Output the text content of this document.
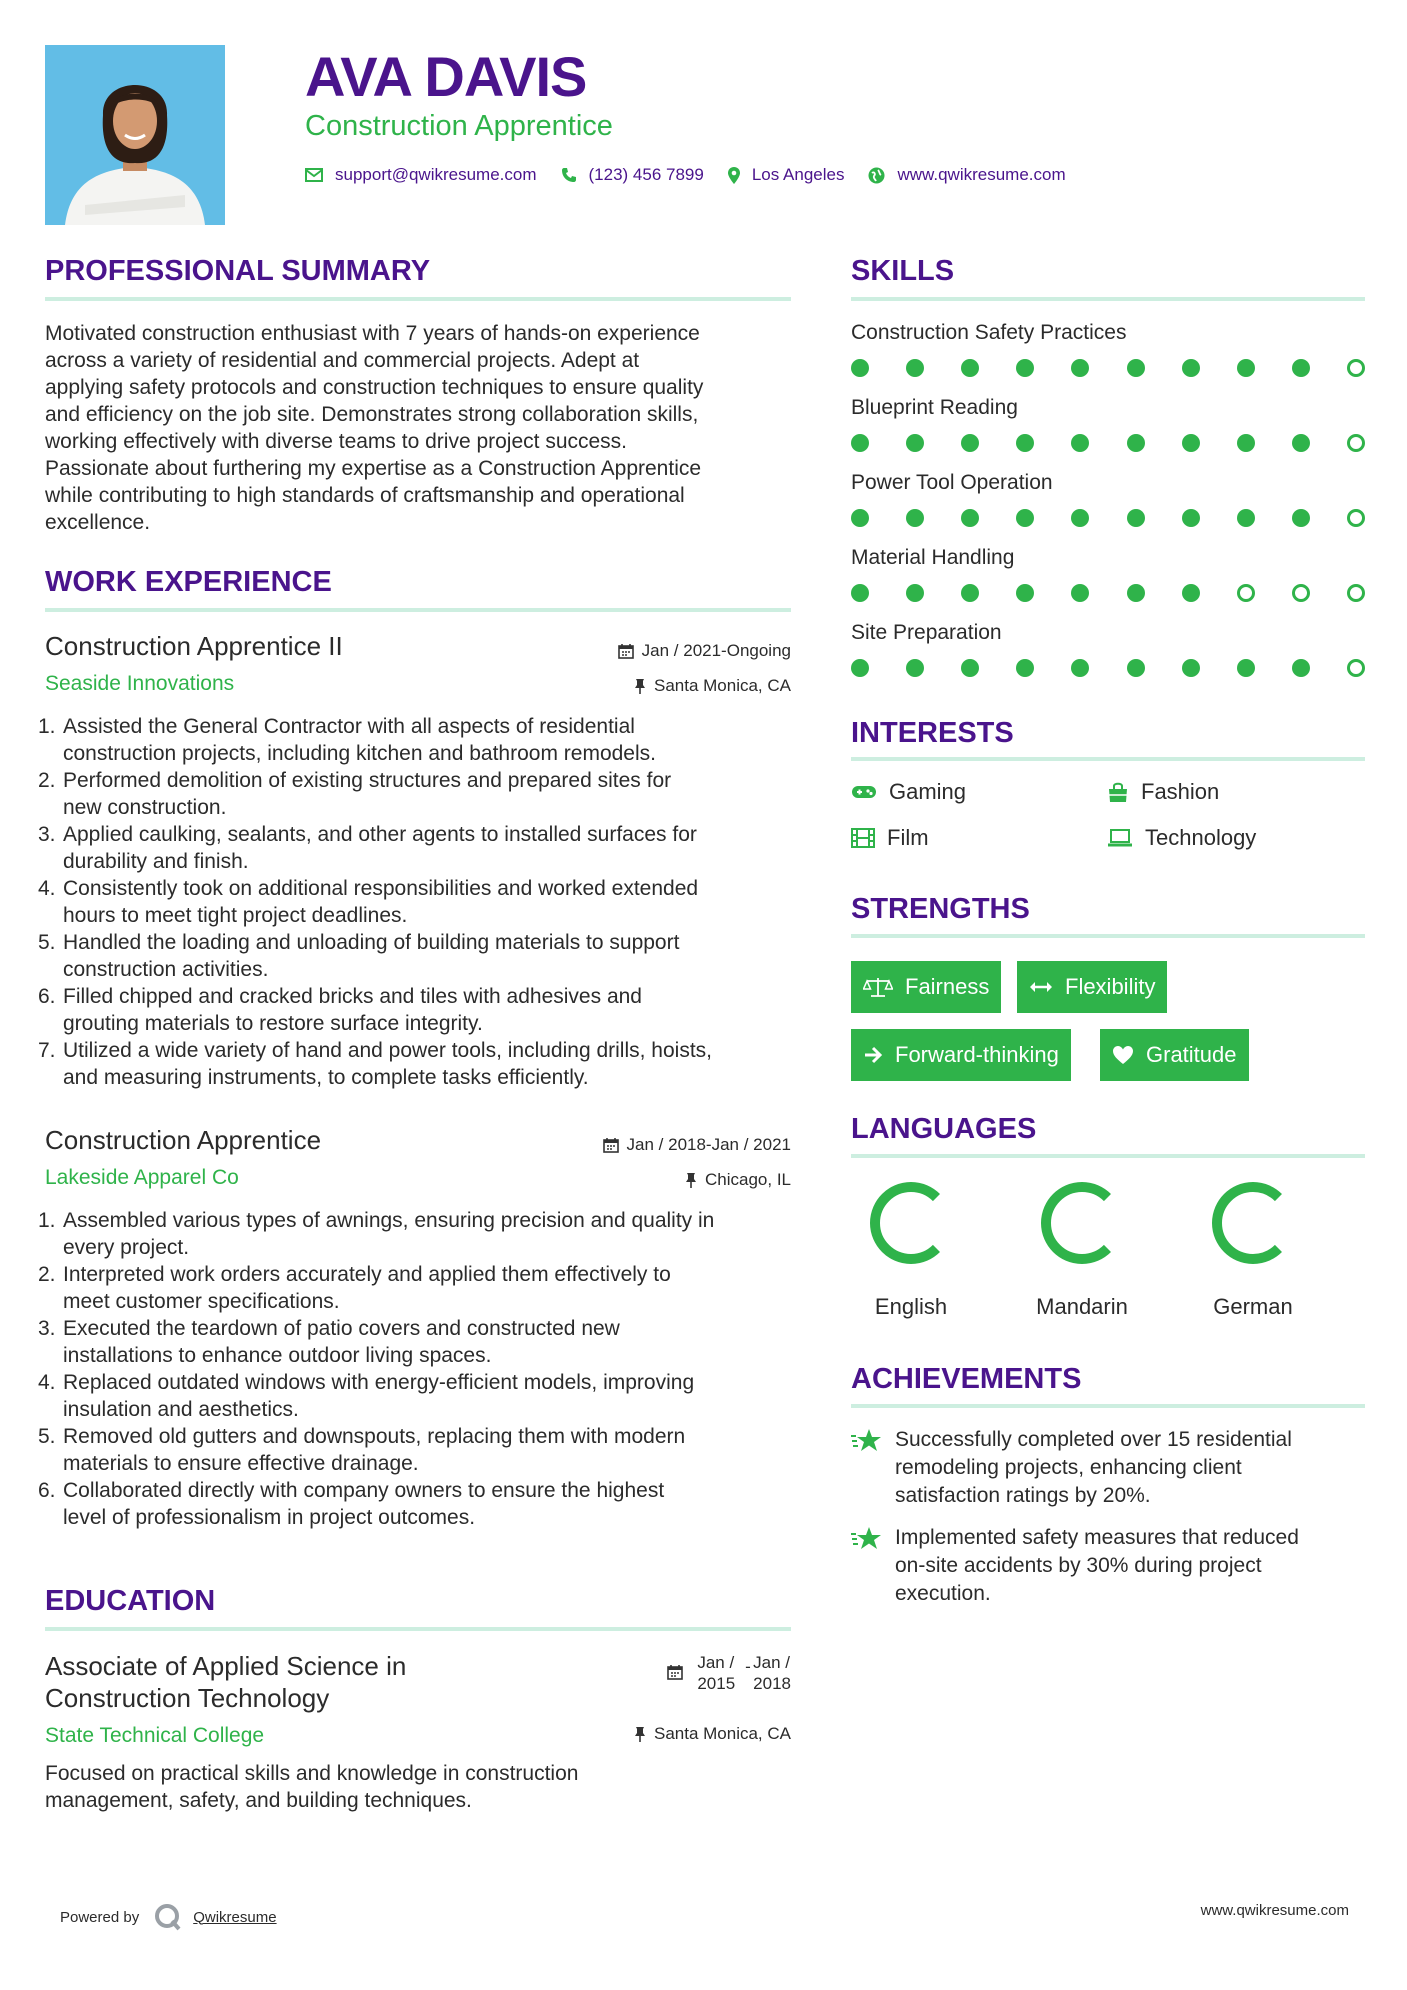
AVA DAVIS
Construction Apprentice
support@qwikresume.com	(123) 456 7899	Los Angeles	www.qwikresume.com
PROFESSIONAL SUMMARY
Motivated construction enthusiast with 7 years of hands-on experience
across a variety of residential and commercial projects. Adept at
applying safety protocols and construction techniques to ensure quality
and efficiency on the job site. Demonstrates strong collaboration skills,
working effectively with diverse teams to drive project success.
Passionate about furthering my expertise as a Construction Apprentice
while contributing to high standards of craftsmanship and operational
excellence.
WORK EXPERIENCE
Construction Apprentice II
Seaside Innovations
Jan / 2021-Ongoing
Santa Monica, CA
1. Assisted the General Contractor with all aspects of residential
construction projects, including kitchen and bathroom remodels.
2. Performed demolition of existing structures and prepared sites for
new construction.
3. Applied caulking, sealants, and other agents to installed surfaces for
durability and finish.
4. Consistently took on additional responsibilities and worked extended
hours to meet tight project deadlines.
5. Handled the loading and unloading of building materials to support
construction activities.
6. Filled chipped and cracked bricks and tiles with adhesives and
grouting materials to restore surface integrity.
7. Utilized a wide variety of hand and power tools, including drills, hoists,
and measuring instruments, to complete tasks efficiently.
Construction Apprentice
Lakeside Apparel Co
Jan / 2018-Jan / 2021
Chicago, IL
1. Assembled various types of awnings, ensuring precision and quality in
every project.
2. Interpreted work orders accurately and applied them effectively to
meet customer specifications.
3. Executed the teardown of patio covers and constructed new
installations to enhance outdoor living spaces.
4. Replaced outdated windows with energy-efficient models, improving
insulation and aesthetics.
5. Removed old gutters and downspouts, replacing them with modern
materials to ensure effective drainage.
6. Collaborated directly with company owners to ensure the highest
level of professionalism in project outcomes.
EDUCATION
Associate of Applied Science in
Construction Technology
State Technical College
Jan /
2015
- Jan /
2018
Santa Monica, CA
Focused on practical skills and knowledge in construction
management, safety, and building techniques.
SKILLS
Construction Safety Practices
Blueprint Reading
Power Tool Operation
Material Handling
Site Preparation
INTERESTS
Gaming	Fashion
Film	Technology
STRENGTHS
Fairness	Flexibility
Forward-thinking	Gratitude
LANGUAGES
English	Mandarin	German
ACHIEVEMENTS
Successfully completed over 15 residential
remodeling projects, enhancing client
satisfaction ratings by 20%.
Implemented safety measures that reduced
on-site accidents by 30% during project
execution.
Powered by	Qwikresume	www.qwikresume.com
